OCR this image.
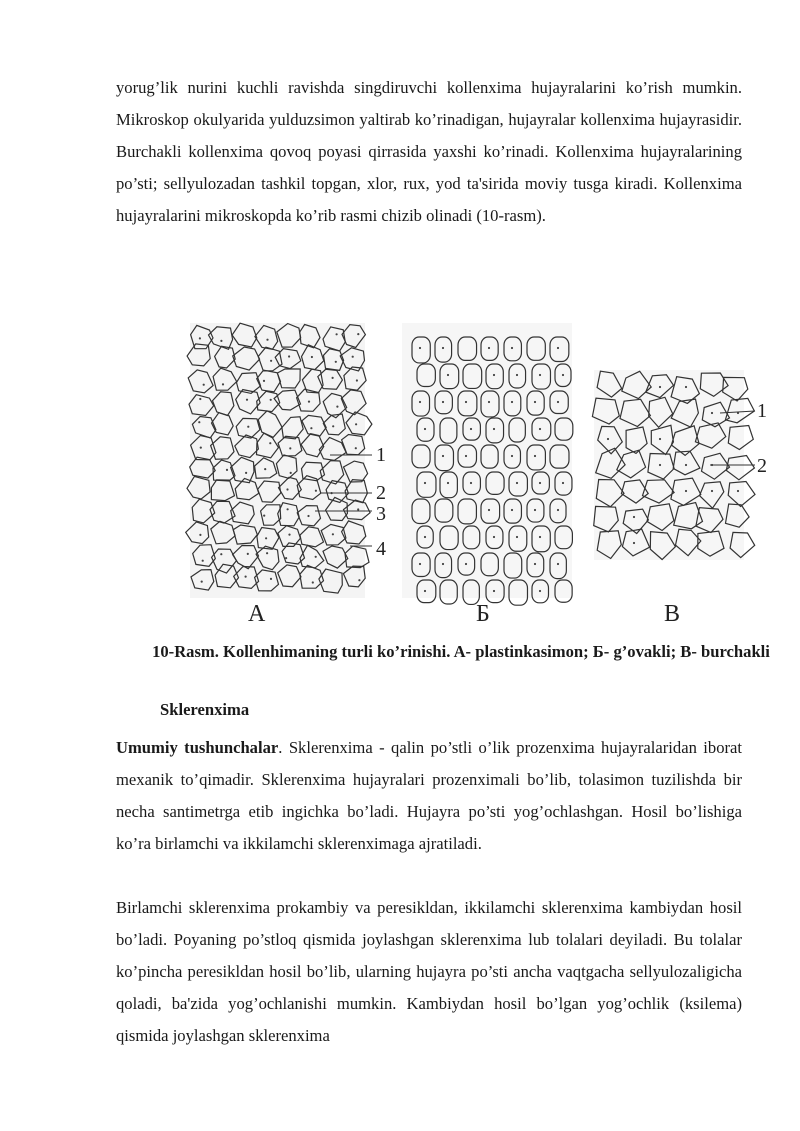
yorug’lik nurini kuchli ravishda singdiruvchi kollenxima hujayralarini ko’rish mumkin. Mikroskop okulyarida yulduzsimon yaltirab ko’rinadigan, hujayralar kollenxima hujayrasidir. Burchakli kollenxima qovoq poyasi qirrasida yaxshi ko’rinadi. Kollenxima hujayralarining po’sti; sellyulozadan tashkil topgan, xlor, rux, yod ta'sirida moviy tusga kiradi. Kollenxima hujayralarini mikroskopda ko’rib rasmi chizib olinadi (10-rasm).

1
2
3
4
А	Б
1
2
В
10-Rasm. Kollenhimaning turli ko’rinishi. A- plastinkasimon; Б- g’ovakli; B- burchakli
Sklerenxima

Umumiy tushunchalar. Sklerenxima - qalin po’stli o’lik prozenxima hujayralaridan iborat mexanik to’qimadir. Sklerenxima hujayralari prozenximali bo’lib, tolasimon tuzilishda bir necha santimetrga etib ingichka bo’ladi. Hujayra po’sti yog’ochlashgan. Hosil bo’lishiga ko’ra birlamchi va ikkilamchi sklerenximaga ajratiladi.

Birlamchi sklerenxima prokambiy va peresikldan, ikkilamchi sklerenxima kambiydan hosil bo’ladi. Poyaning po’stloq qismida joylashgan sklerenxima lub tolalari deyiladi. Bu tolalar ko’pincha peresikldan hosil bo’lib, ularning hujayra po’sti ancha vaqtgacha sellyulozaligicha qoladi, ba'zida yog’ochlanishi mumkin. Kambiydan hosil bo’lgan yog’ochlik (ksilema) qismida joylashgan sklerenxima
